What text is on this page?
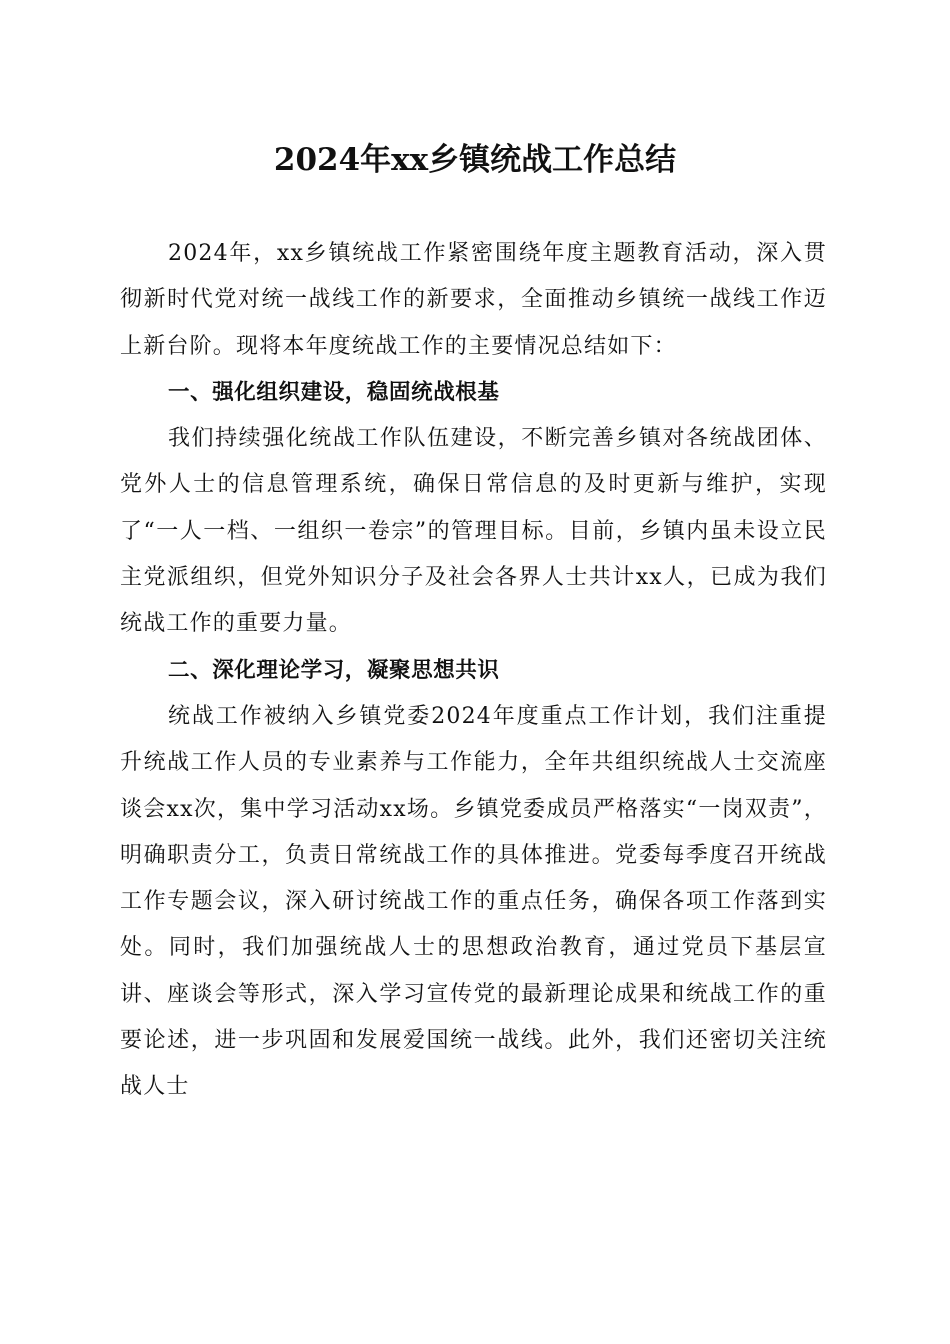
2024年xx乡镇统战工作总结

2024年，xx乡镇统战工作紧密围绕年度主题教育活动，深入贯彻新时代党对统一战线工作的新要求，全面推动乡镇统一战线工作迈上新台阶。现将本年度统战工作的主要情况总结如下：

一、强化组织建设，稳固统战根基

我们持续强化统战工作队伍建设，不断完善乡镇对各统战团体、党外人士的信息管理系统，确保日常信息的及时更新与维护，实现了“一人一档、一组织一卷宗”的管理目标。目前，乡镇内虽未设立民主党派组织，但党外知识分子及社会各界人士共计xx人，已成为我们统战工作的重要力量。

二、深化理论学习，凝聚思想共识

统战工作被纳入乡镇党委2024年度重点工作计划，我们注重提升统战工作人员的专业素养与工作能力，全年共组织统战人士交流座谈会xx次，集中学习活动xx场。乡镇党委成员严格落实“一岗双责”，明确职责分工，负责日常统战工作的具体推进。党委每季度召开统战工作专题会议，深入研讨统战工作的重点任务，确保各项工作落到实处。同时，我们加强统战人士的思想政治教育，通过党员下基层宣讲、座谈会等形式，深入学习宣传党的最新理论成果和统战工作的重要论述，进一步巩固和发展爱国统一战线。此外，我们还密切关注统战人士
